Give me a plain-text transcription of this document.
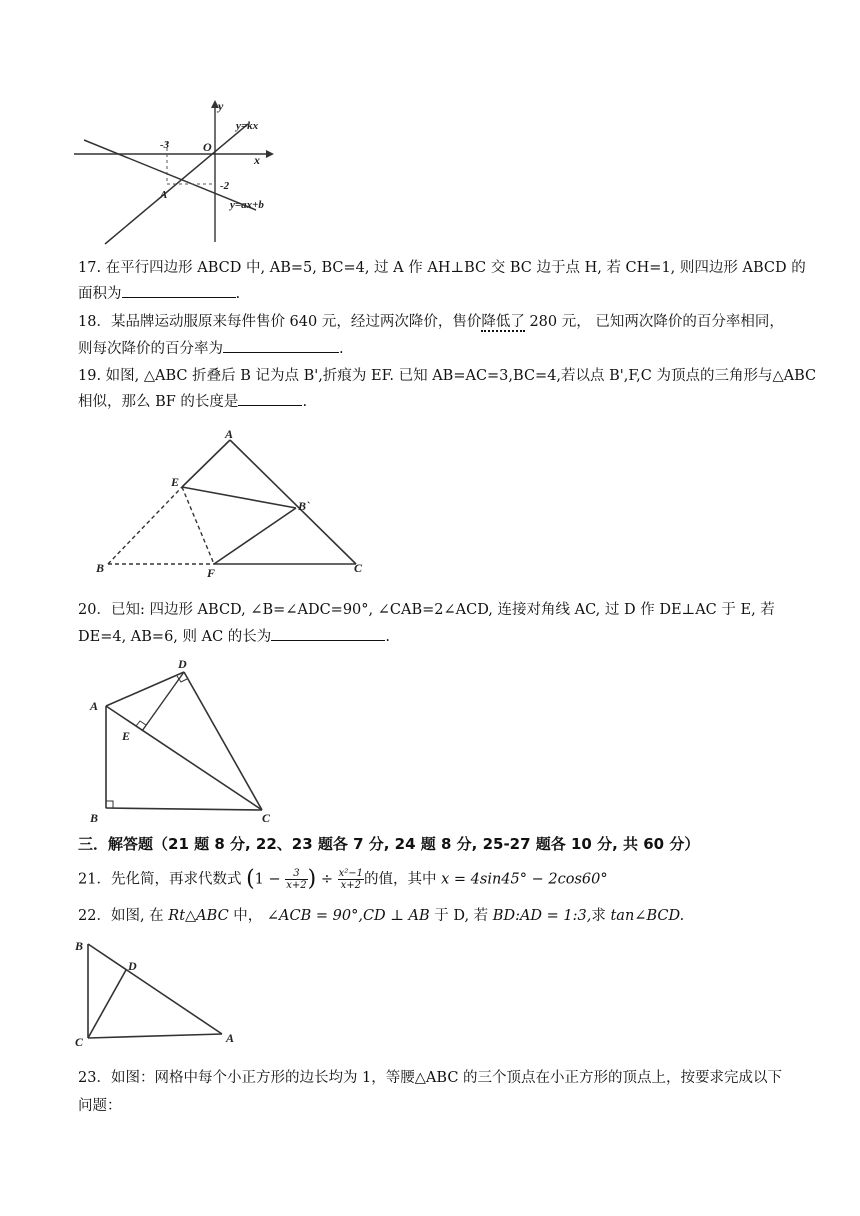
y
x
O
y=kx
y=ax+b
-3
-2
A
17. 在平行四边形 ABCD 中, AB=5, BC=4, 过 A 作 AH⊥BC 交 BC 边于点 H, 若 CH=1, 则四边形 ABCD 的
面积为	.
18．某品牌运动服原来每件售价 640 元，经过两次降价，售价降低了 280 元， 已知两次降价的百分率相同，
则每次降价的百分率为	.
19. 如图, △ABC 折叠后 B 记为点 B',折痕为 EF. 已知 AB=AC=3,BC=4,若以点 B',F,C 为顶点的三角形与△ABC
相似，那么 BF 的长度是	.
A
E
B`
B	F	C
20．已知: 四边形 ABCD, ∠B=∠ADC=90°, ∠CAB=2∠ACD, 连接对角线 AC, 过 D 作 DE⊥AC 于 E, 若
DE=4, AB=6, 则 AC 的长为	.
D
A
E
B	C
三．解答题（21 题 8 分, 22、23 题各 7 分, 24 题 8 分, 25-27 题各 10 分, 共 60 分）
21．先化简，再求代数式 ($1 - \frac{3}{x+2}$ ) ÷ $\frac{\text{x²−1}}{x+2}$ 的值，其中 x = 4sin45° − 2cos60°
22．如图, 在 Rt△ABC 中， ∠ACB = 90°,CD ⊥ AB 于 D, 若 BD:AD = 1:3,求 tan∠BCD.
B
D
C	A
23．如图：网格中每个小正方形的边长均为 1，等腰△ABC 的三个顶点在小正方形的顶点上，按要求完成以下
问题：
